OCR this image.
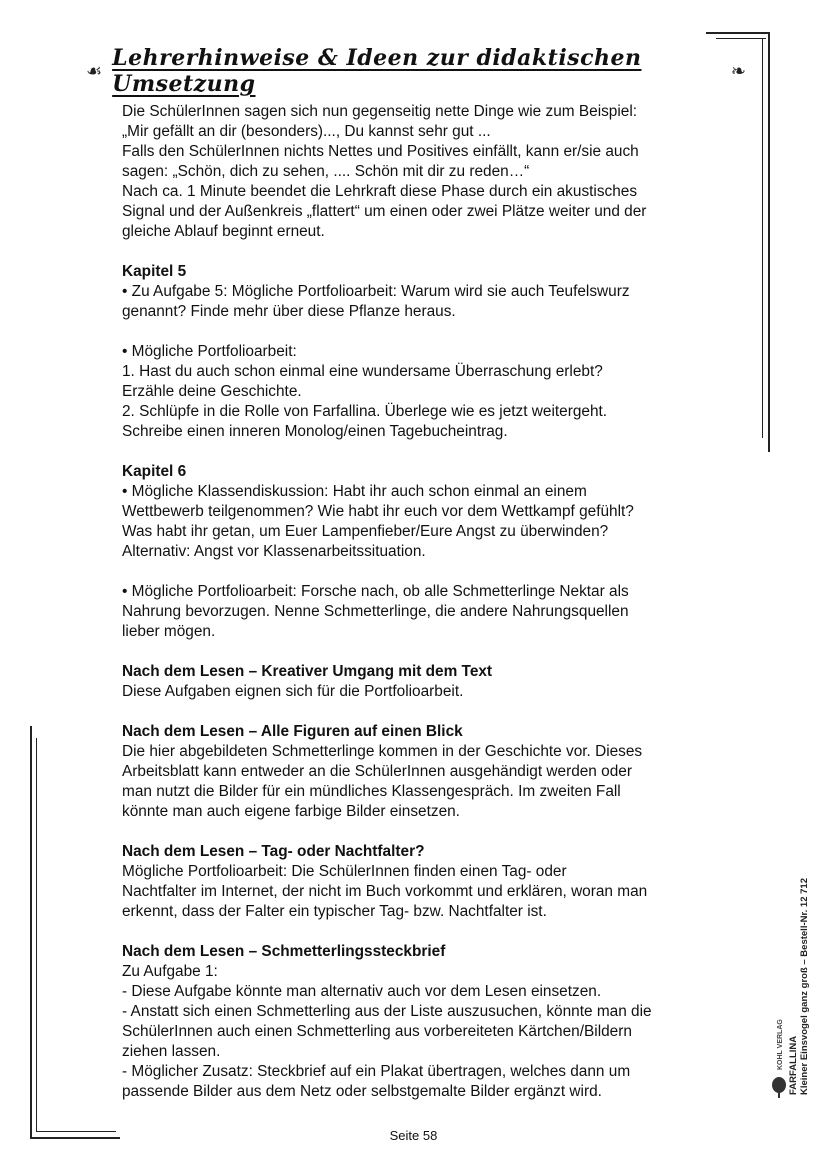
☙ Lehrerhinweise & Ideen zur didaktischen Umsetzung	❧

Die SchülerInnen sagen sich nun gegenseitig nette Dinge wie zum Beispiel:

„Mir gefällt an dir (besonders)..., Du kannst sehr gut ...

Falls den SchülerInnen nichts Nettes und Positives einfällt, kann er/sie auch

sagen: „Schön, dich zu sehen, .... Schön mit dir zu reden…“

Nach ca. 1 Minute beendet die Lehrkraft diese Phase durch ein akustisches

Signal und der Außenkreis „flattert“ um einen oder zwei Plätze weiter und der

gleiche Ablauf beginnt erneut.

Kapitel 5

• Zu Aufgabe 5: Mögliche Portfolioarbeit: Warum wird sie auch Teufelswurz

genannt? Finde mehr über diese Pflanze heraus.

• Mögliche Portfolioarbeit:

1. Hast du auch schon einmal eine wundersame Überraschung erlebt?

Erzähle deine Geschichte.

2. Schlüpfe in die Rolle von Farfallina. Überlege wie es jetzt weitergeht.

Schreibe einen inneren Monolog/einen Tagebucheintrag.

Kapitel 6

• Mögliche Klassendiskussion: Habt ihr auch schon einmal an einem

Wettbewerb teilgenommen? Wie habt ihr euch vor dem Wettkampf gefühlt?

Was habt ihr getan, um Euer Lampenfieber/Eure Angst zu überwinden?

Alternativ: Angst vor Klassenarbeitssituation.

• Mögliche Portfolioarbeit: Forsche nach, ob alle Schmetterlinge Nektar als

Nahrung bevorzugen. Nenne Schmetterlinge, die andere Nahrungsquellen

lieber mögen.

Nach dem Lesen – Kreativer Umgang mit dem Text

Diese Aufgaben eignen sich für die Portfolioarbeit.

Nach dem Lesen – Alle Figuren auf einen Blick

Die hier abgebildeten Schmetterlinge kommen in der Geschichte vor. Dieses

Arbeitsblatt kann entweder an die SchülerInnen ausgehändigt werden oder

man nutzt die Bilder für ein mündliches Klassengespräch. Im zweiten Fall

könnte man auch eigene farbige Bilder einsetzen.

Nach dem Lesen – Tag- oder Nachtfalter?

Mögliche Portfolioarbeit: Die SchülerInnen finden einen Tag- oder

Nachtfalter im Internet, der nicht im Buch vorkommt und erklären, woran man

erkennt, dass der Falter ein typischer Tag- bzw. Nachtfalter ist.

Nach dem Lesen – Schmetterlingssteckbrief

Zu Aufgabe 1:

- Diese Aufgabe könnte man alternativ auch vor dem Lesen einsetzen.

- Anstatt sich einen Schmetterling aus der Liste auszusuchen, könnte man die

SchülerInnen auch einen Schmetterling aus vorbereiteten Kärtchen/Bildern

ziehen lassen.

- Möglicher Zusatz: Steckbrief auf ein Plakat übertragen, welches dann um

passende Bilder aus dem Netz oder selbstgemalte Bilder ergänzt wird.

Seite 58
FARFALLINA Kleiner Einsvogel ganz groß – Bestell-Nr. 12 712
KOHL VERLAG
